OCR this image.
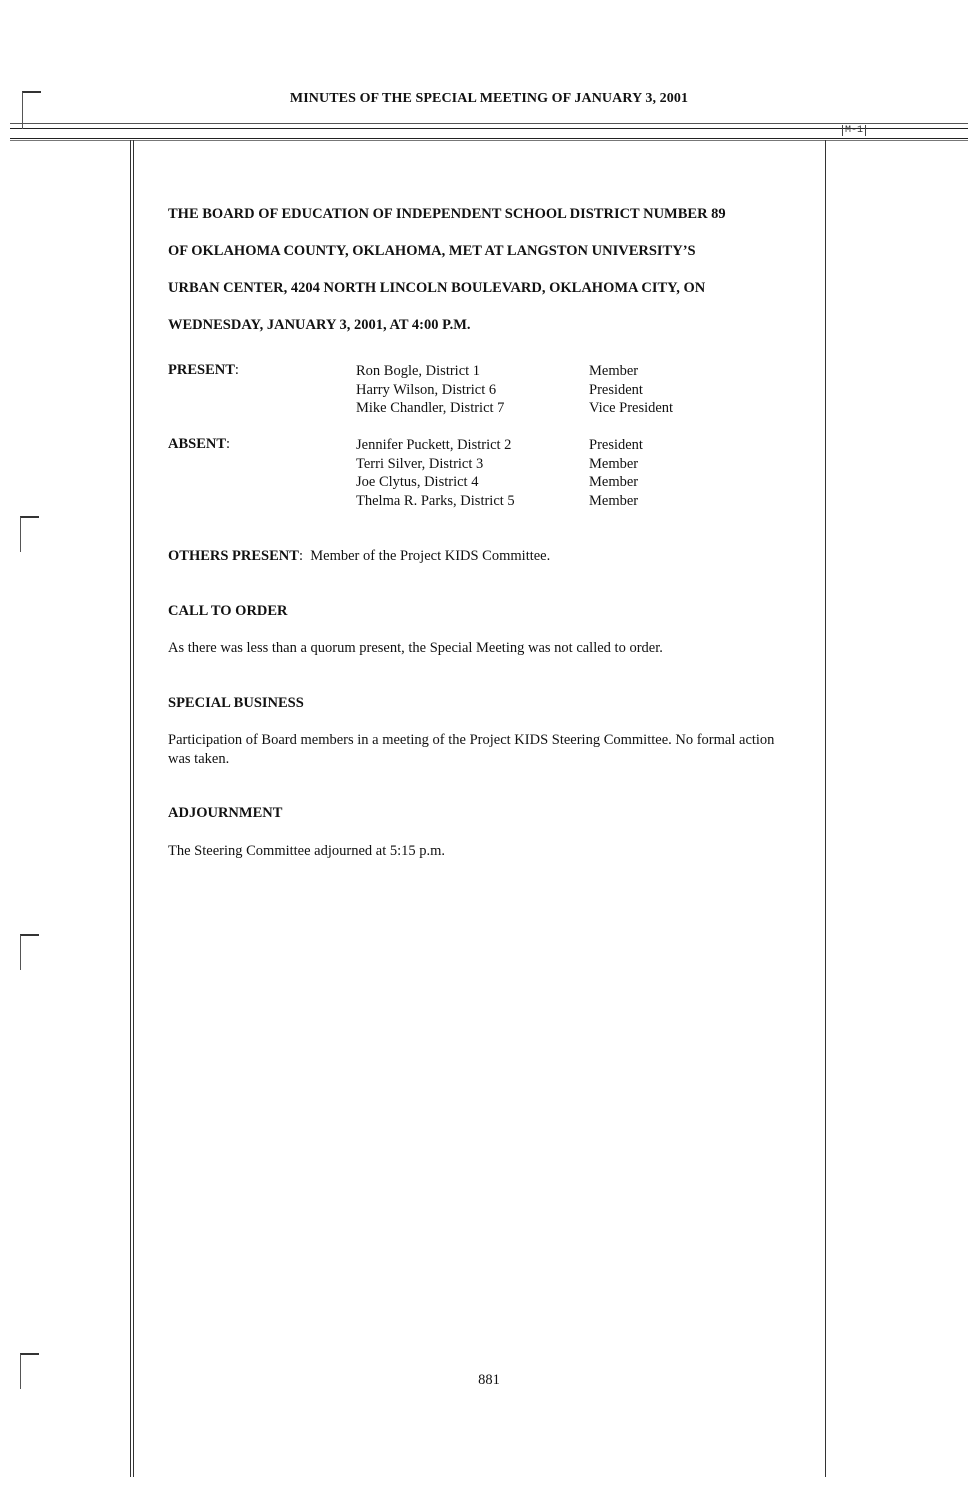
MINUTES OF THE SPECIAL MEETING OF JANUARY 3, 2001
M-1
THE BOARD OF EDUCATION OF INDEPENDENT SCHOOL DISTRICT NUMBER 89
OF OKLAHOMA COUNTY, OKLAHOMA, MET AT LANGSTON UNIVERSITY’S
URBAN CENTER, 4204 NORTH LINCOLN BOULEVARD, OKLAHOMA CITY, ON
WEDNESDAY, JANUARY 3, 2001, AT 4:00 P.M.
PRESENT:	Ron Bogle, District 1	Member
Harry Wilson, District 6	President
Mike Chandler, District 7	Vice President
ABSENT:	Jennifer Puckett, District 2	President
Terri Silver, District 3	Member
Joe Clytus, District 4	Member
Thelma R. Parks, District 5	Member
OTHERS PRESENT:  Member of the Project KIDS Committee.
CALL TO ORDER
As there was less than a quorum present, the Special Meeting was not called to order.
SPECIAL BUSINESS
Participation of Board members in a meeting of the Project KIDS Steering Committee. No formal action was taken.
ADJOURNMENT
The Steering Committee adjourned at 5:15 p.m.
881
